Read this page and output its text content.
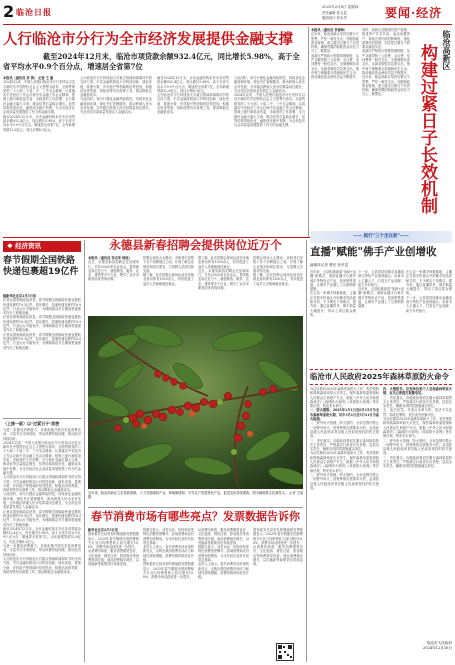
2 临沧日报	2025年2月6日 星期四
责任编辑 张玉昆
版面设计 张永华	要闻·经济
人行临沧市分行为全市经济发展提供金融支撑
截至2024年12月末，临沧市项贷款余额932.4亿元，同比增长5.98%，高于全
省平均水平0.9个百分点，增速居全省第7位
本报讯（通讯员 李 茜） 记者 王 丽
2024年以来，中国人民银行临沧市分行坚持以习近平新时代中国特色社会主义思想为指导，全面贯彻党的二十大和二十届二中、三中全会精神，认真落实中央经济工作会议和中央金融工作会议精神，按照上级行和临沧市委、市政府的工作部署，全力做好金融五篇大文章，推动信贷总量稳定增长，信贷结构持续优化，融资成本稳中有降，为全市经济社会高质量发展提供了有力的金融支撑。
截至2024年12月末，全市金融机构本外币各项贷款余额932.4亿元，同比增长5.98%，高于全省平均水平0.9个百分点，增速居全省第7位。全年新增贷款52.6亿元，同比多增8.3亿元。
人行临沧市分行持续加大对重点领域和薄弱环节的支持力度，引导金融机构加大对科技创新、绿色发展、普惠小微、乡村振兴等领域的信贷投放，积极运用再贷款、再贴现等货币政策工具，推动降低企业融资成本。
与此同时，该分行强化金融风险防控，持续优化金融营商环境，深化外汇管理服务，推动跨境人民币业务发展，全年辖区跨境人民币结算量同比增长，为全市经济高质量发展注入金融活水。
截至2024年12月末，全市金融机构本外币各项贷款余额932.4亿元，同比增长5.98%，高于全省平均水平0.9个百分点，增速居全省第7位。全年新增贷款52.6亿元，同比多增8.3亿元。
人行临沧市分行持续加大对重点领域和薄弱环节的支持力度，引导金融机构加大对科技创新、绿色发展、普惠小微、乡村振兴等领域的信贷投放，积极运用再贷款、再贴现等货币政策工具，推动降低企业融资成本。
与此同时，该分行强化金融风险防控，持续优化金融营商环境，深化外汇管理服务，推动跨境人民币业务发展，全年辖区跨境人民币结算量同比增长，为全市经济高质量发展注入金融活水。
2024年以来，中国人民银行临沧市分行坚持以习近平新时代中国特色社会主义思想为指导，全面贯彻党的二十大和二十届二中、三中全会精神，认真落实中央经济工作会议和中央金融工作会议精神，按照上级行和临沧市委、市政府的工作部署，全力做好金融五篇大文章，推动信贷总量稳定增长，信贷结构持续优化，融资成本稳中有降，为全市经济社会高质量发展提供了有力的金融支撑。
本报讯（通讯员 李春林）
近年来，临沧高新区坚持过紧日子思想，严控一般性支出，加强财政资金管理，建立健全过紧日子长效机制，确保有限的财政资金用在刀刃上、紧要处。
高新区严格执行预算管理制度，从严从紧控制三公经费、会议费、培训费等一般性支出，全面梳理各项支出，压减非刚性非急需支出，集中财力保障重点领域和民生支出，推动财政资金使用效益不断提升。
同时，高新区加强国有资产管理，推进资产共享共用，盘活闲置资产，持续完善内部控制制度，强化预算绩效管理，切实把过紧日子的要求落到实处。
高新区严格执行预算管理制度，从严从紧控制三公经费、会议费、培训费等一般性支出，全面梳理各项支出，压减非刚性非急需支出，集中财力保障重点领域和民生支出，推动财政资金使用效益不断提升。
近年来，临沧高新区坚持过紧日子思想，严控一般性支出，加强财政资金管理，建立健全过紧日子长效机制，确保有限的财政资金用在刀刃上、紧要处。
临沧高新区
构建过紧日子长效机制
❖ 经济资讯
春节假期全国铁路快递包裹超19亿件
据新华社北京2月5日电
记者从国家邮政局获悉，春节假期全国邮政快递业揽收快递包裹约19.3亿件，同比增长，投递快递包裹约18.9亿件，行业运行平稳有序，为保障群众节日期间寄递需求作出了积极贡献。
记者从国家邮政局获悉，春节假期全国邮政快递业揽收快递包裹约19.3亿件，同比增长，投递快递包裹约18.9亿件，行业运行平稳有序，为保障群众节日期间寄递需求作出了积极贡献。
记者从国家邮政局获悉，春节假期全国邮政快递业揽收快递包裹约19.3亿件，同比增长，投递快递包裹约18.9亿件，行业运行平稳有序，为保障群众节日期间寄递需求作出了积极贡献。
（上接一版）以"过紧日子"思想
为进一步激发消费潜力，各地积极开展各类促消费活动，丰富节日市场供给，带动消费持续回暖，推动经济持续向好。
2024年以来，中国人民银行临沧市分行坚持以习近平新时代中国特色社会主义思想为指导，全面贯彻党的二十大和二十届二中、三中全会精神，认真落实中央经济工作会议和中央金融工作会议精神，按照上级行和临沧市委、市政府的工作部署，全力做好金融五篇大文章，推动信贷总量稳定增长，信贷结构持续优化，融资成本稳中有降，为全市经济社会高质量发展提供了有力的金融支撑。
人行临沧市分行持续加大对重点领域和薄弱环节的支持力度，引导金融机构加大对科技创新、绿色发展、普惠小微、乡村振兴等领域的信贷投放，积极运用再贷款、再贴现等货币政策工具，推动降低企业融资成本。
与此同时，该分行强化金融风险防控，持续优化金融营商环境，深化外汇管理服务，推动跨境人民币业务发展，全年辖区跨境人民币结算量同比增长，为全市经济高质量发展注入金融活水。
记者从国家邮政局获悉，春节假期全国邮政快递业揽收快递包裹约19.3亿件，同比增长，投递快递包裹约18.9亿件，行业运行平稳有序，为保障群众节日期间寄递需求作出了积极贡献。
截至2024年12月末，全市金融机构本外币各项贷款余额932.4亿元，同比增长5.98%，高于全省平均水平0.9个百分点，增速居全省第7位。全年新增贷款52.6亿元，同比多增8.3亿元。
为进一步激发消费潜力，各地积极开展各类促消费活动，丰富节日市场供给，带动消费持续回暖，推动经济持续向好。
人行临沧市分行持续加大对重点领域和薄弱环节的支持力度，引导金融机构加大对科技创新、绿色发展、普惠小微、乡村振兴等领域的信贷投放，积极运用再贷款、再贴现等货币政策工具，推动降低企业融资成本。
永德县新春招聘会提供岗位近万个
本报讯（通讯员 李志华 杨旭）
近日，永德县新春招聘会在县城举行，共有200余家企业参会，提供就业岗位近万个，涵盖制造、服务、农业、建筑等多个行业，吸引了众多求职者前来咨询应聘。
招聘会现场人头攒动，求职者们穿梭于各个招聘展位之间，仔细了解企业情况和岗位需求，与招聘人员面对面交流。
据了解，此次招聘会现场达成初步就业意向的有1200余人，有效促进了返乡人员就地就近就业。
据了解，此次招聘会现场达成初步就业意向的有1200余人，有效促进了返乡人员就地就近就业。
近日，永德县新春招聘会在县城举行，共有200余家企业参会，提供就业岗位近万个，涵盖制造、服务、农业、建筑等多个行业，吸引了众多求职者前来咨询应聘。
招聘会现场人头攒动，求职者们穿梭于各个招聘展位之间，仔细了解企业情况和岗位需求，与招聘人员面对面交流。
据了解，此次招聘会现场达成初步就业意向的有1200余人，有效促进了返乡人员就地就近就业。
近年来，临沧高新区立足资源禀赋，大力发展咖啡产业，种植咖啡树，引导农户发展特色产业，促进农民持续增收。图为咖啡果实挂满枝头。 记者 王丽 摄
春节消费市场有哪些亮点？发票数据告诉你
新华社北京2月5日电
国家税务总局发布的增值税发票数据显示，2025年春节假期全国消费相关行业日均销售收入同比增长10.8%，消费市场活跃度进一步提升。
从消费结构看，服务消费增势良好，文化旅游、餐饮住宿、影视娱乐等消费需求旺盛；商品消费稳步增长，以旧换新等政策效应持续显现。
数据还显示，冰雪运动、民俗体验等特色消费热度攀升，县域消费和农村消费加快释放，为全年经济良好开局奠定基础。
业内人士表示，春节消费市场呈现的新亮点，反映出我国消费市场活力和韧性持续增强，消费结构持续优化升级。
国家税务总局发布的增值税发票数据显示，2025年春节假期全国消费相关行业日均销售收入同比增长10.8%，消费市场活跃度进一步提升。
从消费结构看，服务消费增势良好，文化旅游、餐饮住宿、影视娱乐等消费需求旺盛；商品消费稳步增长，以旧换新等政策效应持续显现。
数据还显示，冰雪运动、民俗体验等特色消费热度攀升，县域消费和农村消费加快释放，为全年经济良好开局奠定基础。
业内人士表示，春节消费市场呈现的新亮点，反映出我国消费市场活力和韧性持续增强，消费结构持续优化升级。
国家税务总局发布的增值税发票数据显示，2025年春节假期全国消费相关行业日均销售收入同比增长10.8%，消费市场活跃度进一步提升。
从消费结构看，服务消费增势良好，文化旅游、餐饮住宿、影视娱乐等消费需求旺盛；商品消费稳步增长，以旧换新等政策效应持续显现。
—— 践行"三个走在前"——
直播"赋能"佛手产业创增收
融媒体记者 曹佳 张孝富
近年来，云县积极探索"电商+直播"新模式，借助直播平台推介佛手等特色农产品，拓宽销售渠道，让佛手产业插上了互联网的翅膀。
在云县一家佛手种植基地，主播正对着手机镜头介绍佛手的品质和功效，不少网友下单购买。据介绍，通过直播带货，佛手销量大幅提升，带动了周边群众增收。
下一步，云县将持续推动直播电商与特色产业深度融合，培育本土主播人才，打造农产品品牌，助力乡村振兴。
近年来，云县积极探索"电商+直播"新模式，借助直播平台推介佛手等特色农产品，拓宽销售渠道，让佛手产业插上了互联网的翅膀。
在云县一家佛手种植基地，主播正对着手机镜头介绍佛手的品质和功效，不少网友下单购买。据介绍，通过直播带货，佛手销量大幅提升，带动了周边群众增收。
下一步，云县将持续推动直播电商与特色产业深度融合，培育本土主播人才，打造农产品品牌，助力乡村振兴。
临沧市人民政府2025年森林草原防火命令
为切实做好2025年森林草原防火工作，有效预防和遏制森林草原火灾发生，保护森林草原资源和人民群众生命财产安全，根据《中华人民共和国森林法》《森林防火条例》《草原防火条例》等法律法规，特发布本命令。
一、防火期限。2025年1月1日至6月15日为全市森林草原防火期，其中3月1日至5月31日为高火险期。
二、野外用火管理。防火期内，全市范围内禁止一切野外用火。因特殊情况需要用火的，必须经县级人民政府或者县级人民政府授权的机关批准。
三、责任落实。各级政府要切实履行森林草原防火主体责任，严格落实行政首长负责制，层层压实责任，确保各项防控措施落实到位。
为切实做好2025年森林草原防火工作，有效预防和遏制森林草原火灾发生，保护森林草原资源和人民群众生命财产安全，根据《中华人民共和国森林法》《森林防火条例》《草原防火条例》等法律法规，特发布本命令。
二、野外用火管理。防火期内，全市范围内禁止一切野外用火。因特殊情况需要用火的，必须经县级人民政府或者县级人民政府授权的机关批准。
四、火情报告。任何单位和个人发现森林草原火情，应当立即拨打报警电话。
三、责任落实。各级政府要切实履行森林草原防火主体责任，严格落实行政首长负责制，层层压实责任，确保各项防控措施落实到位。
五、违法处罚。对违反本命令的，依法予以处罚；构成犯罪的，依法追究刑事责任。
为切实做好2025年森林草原防火工作，有效预防和遏制森林草原火灾发生，保护森林草原资源和人民群众生命财产安全，根据《中华人民共和国森林法》《森林防火条例》《草原防火条例》等法律法规，特发布本命令。
二、野外用火管理。防火期内，全市范围内禁止一切野外用火。因特殊情况需要用火的，必须经县级人民政府或者县级人民政府授权的机关批准。
三、责任落实。各级政府要切实履行森林草原防火主体责任，严格落实行政首长负责制，层层压实责任，确保各项防控措施落实到位。
临沧市人民政府
2024年12月16日
